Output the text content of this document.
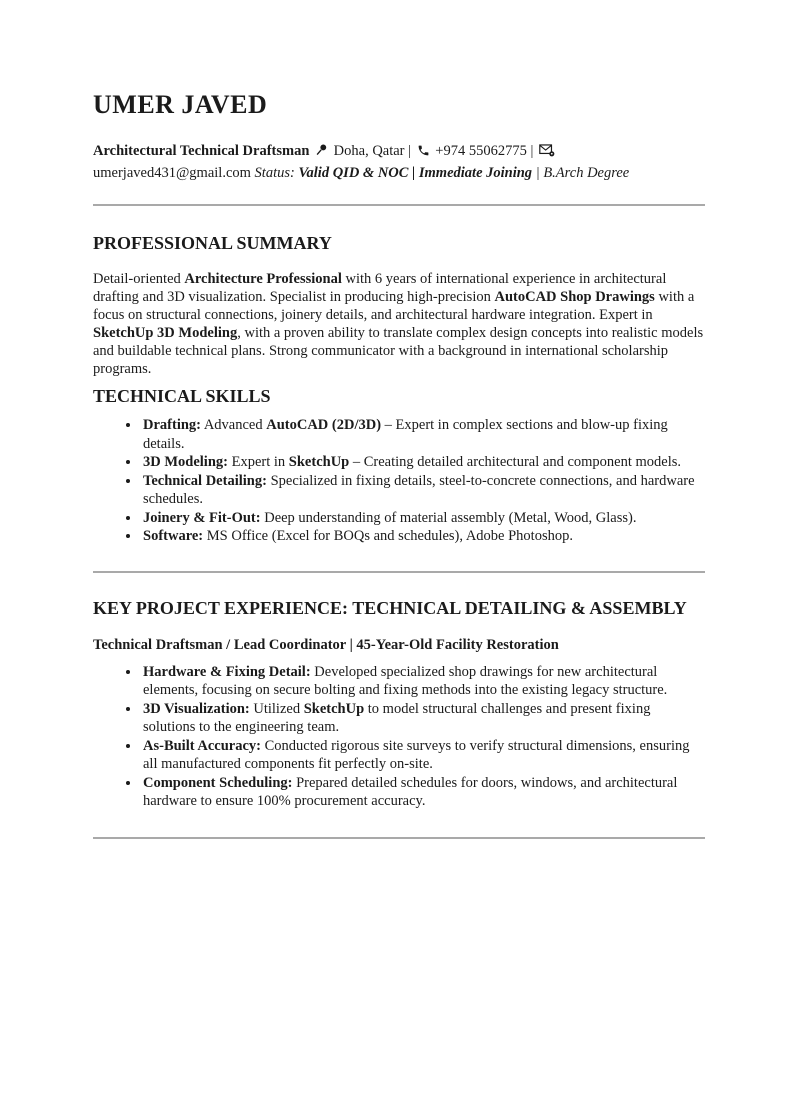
UMER JAVED

Architectural Technical Draftsman Doha, Qatar | +974 55062775 |
umerjaved431@gmail.com Status: Valid QID & NOC | Immediate Joining | B.Arch Degree

PROFESSIONAL SUMMARY

Detail-oriented Architecture Professional with 6 years of international experience in architectural drafting and 3D visualization. Specialist in producing high-precision AutoCAD Shop Drawings with a focus on structural connections, joinery details, and architectural hardware integration. Expert in SketchUp 3D Modeling, with a proven ability to translate complex design concepts into realistic models and buildable technical plans. Strong communicator with a background in international scholarship programs.

TECHNICAL SKILLS
• Drafting: Advanced AutoCAD (2D/3D) – Expert in complex sections and blow-up fixing details.
• 3D Modeling: Expert in SketchUp – Creating detailed architectural and component models.
• Technical Detailing: Specialized in fixing details, steel-to-concrete connections, and hardware schedules.
• Joinery & Fit-Out: Deep understanding of material assembly (Metal, Wood, Glass).
• Software: MS Office (Excel for BOQs and schedules), Adobe Photoshop.
KEY PROJECT EXPERIENCE: TECHNICAL DETAILING & ASSEMBLY

Technical Draftsman / Lead Coordinator | 45-Year-Old Facility Restoration

• Hardware & Fixing Detail: Developed specialized shop drawings for new architectural elements, focusing on secure bolting and fixing methods into the existing legacy structure.
• 3D Visualization: Utilized SketchUp to model structural challenges and present fixing solutions to the engineering team.
• As-Built Accuracy: Conducted rigorous site surveys to verify structural dimensions, ensuring all manufactured components fit perfectly on-site.
• Component Scheduling: Prepared detailed schedules for doors, windows, and architectural hardware to ensure 100% procurement accuracy.
